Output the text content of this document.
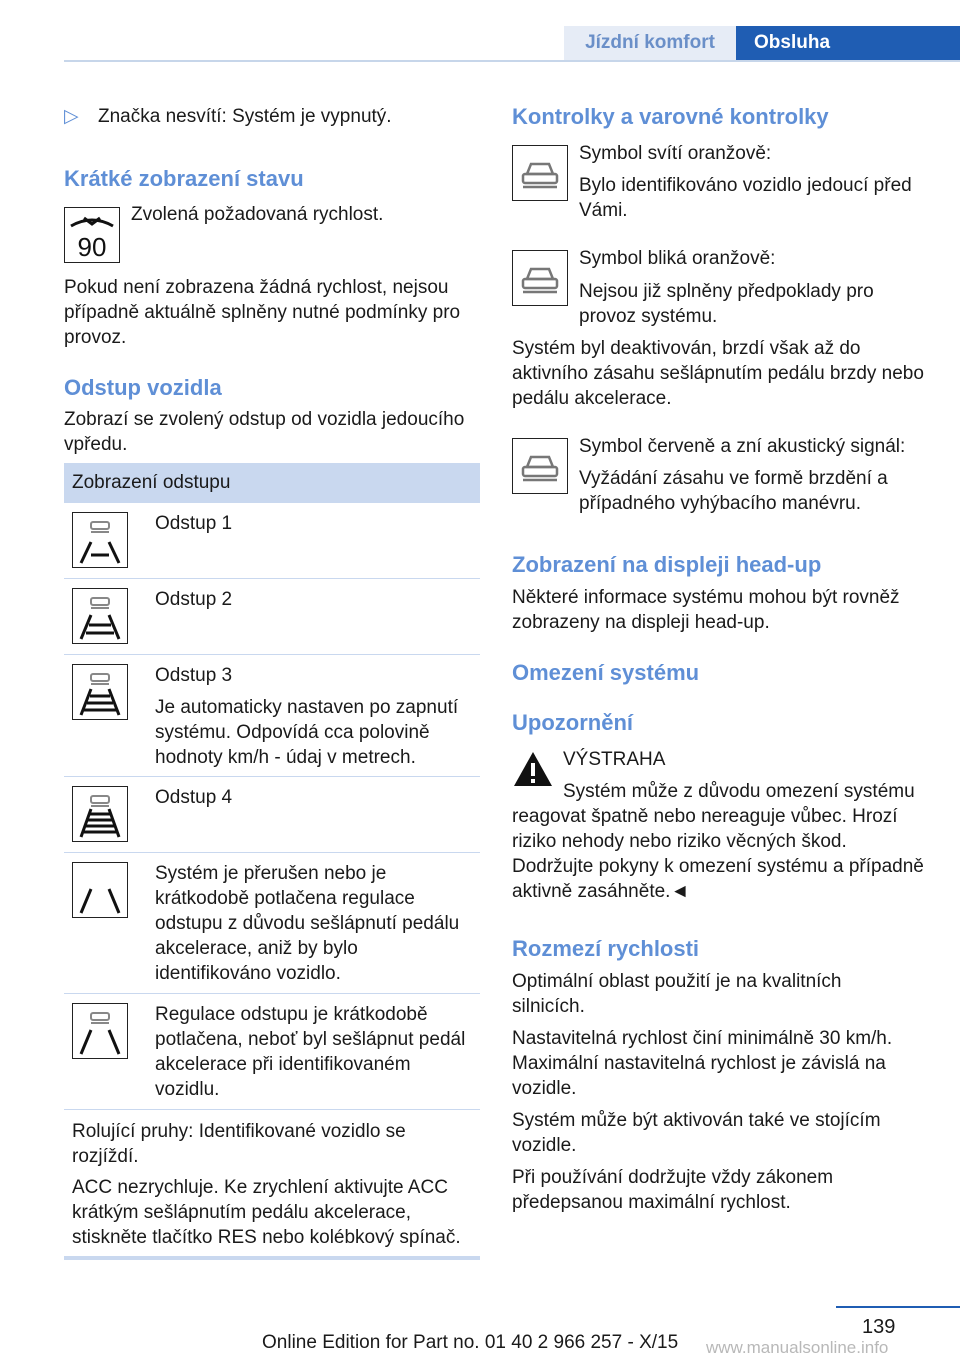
Jízdní komfort	Obsluha

▷ Značka nesvítí: Systém je vypnutý.

Krátké zobrazení stavu
90

Zvolená požadovaná rychlost.

Pokud není zobrazena žádná rychlost, nejsou případně aktuálně splněny nutné podmínky pro provoz.

Odstup vozidla

Zobrazí se zvolený odstup od vozidla jedoucího vpředu.

Zobrazení odstupu

Odstup 1

Odstup 2

Odstup 3

Je automaticky nastaven po zapnutí systému. Odpovídá cca polovině hodnoty km/h - údaj v metrech.

Odstup 4

Systém je přerušen nebo je krátkodobě potlačena regulace odstupu z důvodu sešlápnutí pedálu akcelerace, aniž by bylo identifikováno vozidlo.

Regulace odstupu je krátkodobě potlačena, neboť byl sešlápnut pedál akcelerace při identifikovaném vozidlu.

Rolující pruhy: Identifikované vozidlo se rozjíždí.

ACC nezrychluje. Ke zrychlení aktivujte ACC krátkým sešlápnutím pedálu akcelerace, stiskněte tlačítko RES nebo kolébkový spínač.

Kontrolky a varovné kontrolky

Symbol svítí oranžově:

Bylo identifikováno vozidlo jedoucí před Vámi.

Symbol bliká oranžově:

Nejsou již splněny předpoklady pro provoz systému.

Systém byl deaktivován, brzdí však až do aktivního zásahu sešlápnutím pedálu brzdy nebo pedálu akcelerace.

Symbol červeně a zní akustický signál:

Vyžádání zásahu ve formě brzdění a případného vyhýbacího manévru.

Zobrazení na displeji head-up

Některé informace systému mohou být rovněž zobrazeny na displeji head-up.

Omezení systému
Upozornění

VÝSTRAHA

Systém může z důvodu omezení systému reagovat špatně nebo nereaguje vůbec. Hrozí riziko nehody nebo riziko věcných škod. Dodržujte pokyny k omezení systému a případně aktivně zasáhněte.◄

Rozmezí rychlosti

Optimální oblast použití je na kvalitních silnicích.

Nastavitelná rychlost činí minimálně 30 km/h. Maximální nastavitelná rychlost je závislá na vozidle.

Systém může být aktivován také ve stojícím vozidle.

Při používání dodržujte vždy zákonem předepsanou maximální rychlost.

139
www.manualsonline.info
Online Edition for Part no. 01 40 2 966 257 - X/15
